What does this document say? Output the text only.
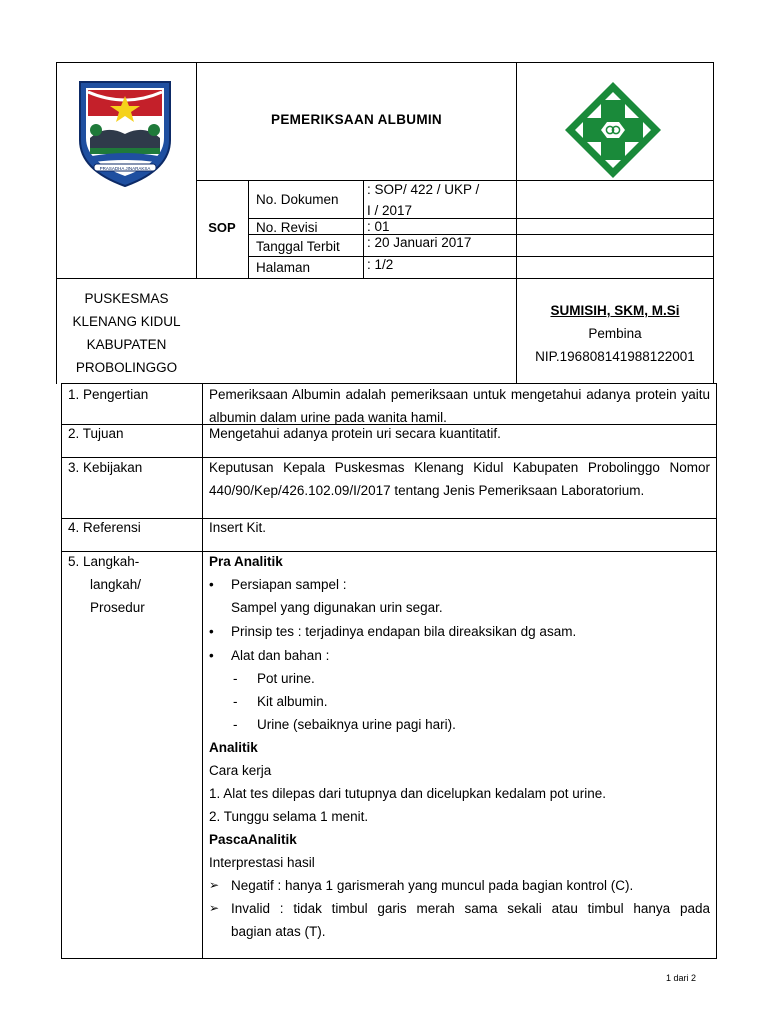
PRASADHA JINARAKSA
PEMERIKSAAN ALBUMIN
SOP
No. Dokumen
: SOP/ 422 / UKP /
I / 2017
No. Revisi	: 01
Tanggal Terbit : 20 Januari 2017
Halaman	: 1/2
PUSKESMAS
KLENANG KIDUL
KABUPATEN
PROBOLINGGO
SUMISIH, SKM, M.Si
Pembina
NIP.196808141988122001
1. Pengertian	Pemeriksaan Albumin adalah pemeriksaan untuk mengetahui adanya protein yaitu albumin dalam urine pada wanita hamil.
2. Tujuan	Mengetahui adanya protein uri secara kuantitatif.
3. Kebijakan	Keputusan Kepala Puskesmas Klenang Kidul Kabupaten Probolinggo Nomor 440/90/Kep/426.102.09/I/2017 tentang Jenis Pemeriksaan Laboratorium.
4. Referensi	Insert Kit.
5. Langkah-
langkah/
Prosedur
Pra Analitik
• Persiapan sampel :
Sampel yang digunakan urin segar.
• Prinsip tes : terjadinya endapan bila direaksikan dg asam.
• Alat dan bahan :
- Pot urine.
- Kit albumin.
- Urine (sebaiknya urine pagi hari).
Analitik
Cara kerja
1. Alat tes dilepas dari tutupnya dan dicelupkan kedalam pot urine.
2. Tunggu selama 1 menit.
PascaAnalitik
Interprestasi hasil
➢ Negatif : hanya 1 garismerah yang muncul pada bagian kontrol (C).
➢ Invalid : tidak timbul garis merah sama sekali atau timbul hanya pada
bagian atas (T).
1 dari 2
